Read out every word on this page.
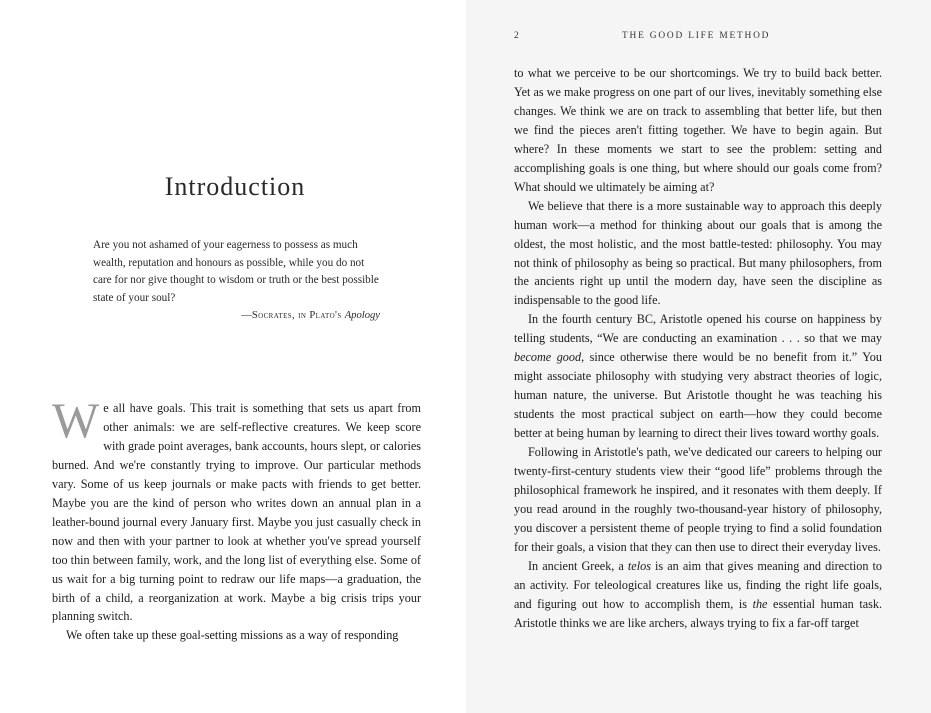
Introduction

Are you not ashamed of your eagerness to possess as much wealth, reputation and honours as possible, while you do not care for nor give thought to wisdom or truth or the best possible state of your soul?

—Socrates, in Plato's Apology

We all have goals. This trait is something that sets us apart from other animals: we are self-reflective creatures. We keep score with grade point averages, bank accounts, hours slept, or calories burned. And we're constantly trying to improve. Our particular methods vary. Some of us keep journals or make pacts with friends to get better. Maybe you are the kind of person who writes down an annual plan in a leather-bound journal every January first. Maybe you just casually check in now and then with your partner to look at whether you've spread yourself too thin between family, work, and the long list of everything else. Some of us wait for a big turning point to redraw our life maps—a graduation, the birth of a child, a reorganization at work. Maybe a big crisis trips your planning switch.

We often take up these goal-setting missions as a way of responding

2	THE GOOD LIFE METHOD

to what we perceive to be our shortcomings. We try to build back better. Yet as we make progress on one part of our lives, inevitably something else changes. We think we are on track to assembling that better life, but then we find the pieces aren't fitting together. We have to begin again. But where? In these moments we start to see the problem: setting and accomplishing goals is one thing, but where should our goals come from? What should we ultimately be aiming at?

We believe that there is a more sustainable way to approach this deeply human work—a method for thinking about our goals that is among the oldest, the most holistic, and the most battle-tested: philosophy. You may not think of philosophy as being so practical. But many philosophers, from the ancients right up until the modern day, have seen the discipline as indispensable to the good life.

In the fourth century BC, Aristotle opened his course on happiness by telling students, “We are conducting an examination . . . so that we may become good, since otherwise there would be no benefit from it.” You might associate philosophy with studying very abstract theories of logic, human nature, the universe. But Aristotle thought he was teaching his students the most practical subject on earth—how they could become better at being human by learning to direct their lives toward worthy goals.

Following in Aristotle's path, we've dedicated our careers to helping our twenty-first-century students view their “good life” problems through the philosophical framework he inspired, and it resonates with them deeply. If you read around in the roughly two-thousand-year history of philosophy, you discover a persistent theme of people trying to find a solid foundation for their goals, a vision that they can then use to direct their everyday lives.

In ancient Greek, a telos is an aim that gives meaning and direction to an activity. For teleological creatures like us, finding the right life goals, and figuring out how to accomplish them, is the essential human task. Aristotle thinks we are like archers, always trying to fix a far-off target
